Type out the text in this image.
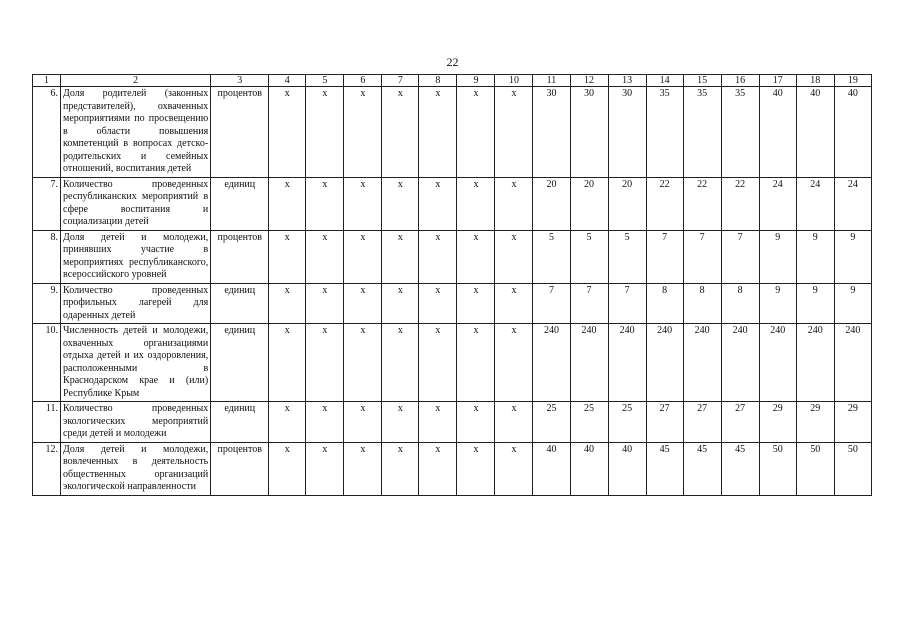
22
1	2	3	4	5	6	7	8	9	10	11	12	13	14	15	16	17	18	19
6.	Доля родителей (законных представителей), охваченных мероприятиями по просвещению в области повышения компетенций в вопросах детско-родительских и семейных отношений, воспитания детей	процентов	х	х	х	х	х	х	х	30	30	30	35	35	35	40	40	40
7.	Количество проведенных республиканских мероприятий в сфере воспитания и социализации детей	единиц	х	х	х	х	х	х	х	20	20	20	22	22	22	24	24	24
8.	Доля детей и молодежи, принявших участие в мероприятиях республиканского, всероссийского уровней	процентов	х	х	х	х	х	х	х	5	5	5	7	7	7	9	9	9
9.	Количество проведенных профильных лагерей для одаренных детей	единиц	х	х	х	х	х	х	х	7	7	7	8	8	8	9	9	9
10.	Численность детей и молодежи, охваченных организациями отдыха детей и их оздоровления, расположенными в Краснодарском крае и (или) Республике Крым	единиц	х	х	х	х	х	х	х	240	240	240	240	240	240	240	240	240
11.	Количество проведенных экологических мероприятий среди детей и молодежи	единиц	х	х	х	х	х	х	х	25	25	25	27	27	27	29	29	29
12.	Доля детей и молодежи, вовлеченных в деятельность общественных организаций экологической направленности	процентов	х	х	х	х	х	х	х	40	40	40	45	45	45	50	50	50
